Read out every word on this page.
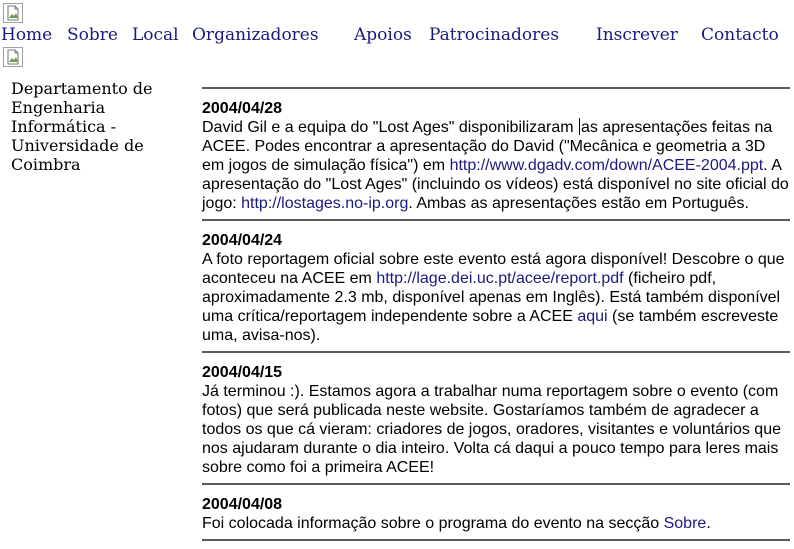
Home Sobre Local Organizadores Apoios Patrocinadores Inscrever Contacto
Departamento de Engenharia Informática - Universidade de Coimbra
2004/04/28
David Gil e a equipa do "Lost Ages" disponibilizaram as apresentações feitas na ACEE. Podes encontrar a apresentação do David ("Mecânica e geometria a 3D em jogos de simulação física") em http://www.dgadv.com/down/ACEE-2004.ppt. A apresentação do "Lost Ages" (incluindo os vídeos) está disponível no site oficial do jogo: http://lostages.no-ip.org. Ambas as apresentações estão em Português.
2004/04/24
A foto reportagem oficial sobre este evento está agora disponível! Descobre o que aconteceu na ACEE em http://lage.dei.uc.pt/acee/report.pdf (ficheiro pdf, aproximadamente 2.3 mb, disponível apenas em Inglês). Está também disponível uma crítica/reportagem independente sobre a ACEE aqui (se também escreveste uma, avisa-nos).
2004/04/15
Já terminou :). Estamos agora a trabalhar numa reportagem sobre o evento (com fotos) que será publicada neste website. Gostaríamos também de agradecer a todos os que cá vieram: criadores de jogos, oradores, visitantes e voluntários que nos ajudaram durante o dia inteiro. Volta cá daqui a pouco tempo para leres mais sobre como foi a primeira ACEE!
2004/04/08
Foi colocada informação sobre o programa do evento na secção Sobre.
